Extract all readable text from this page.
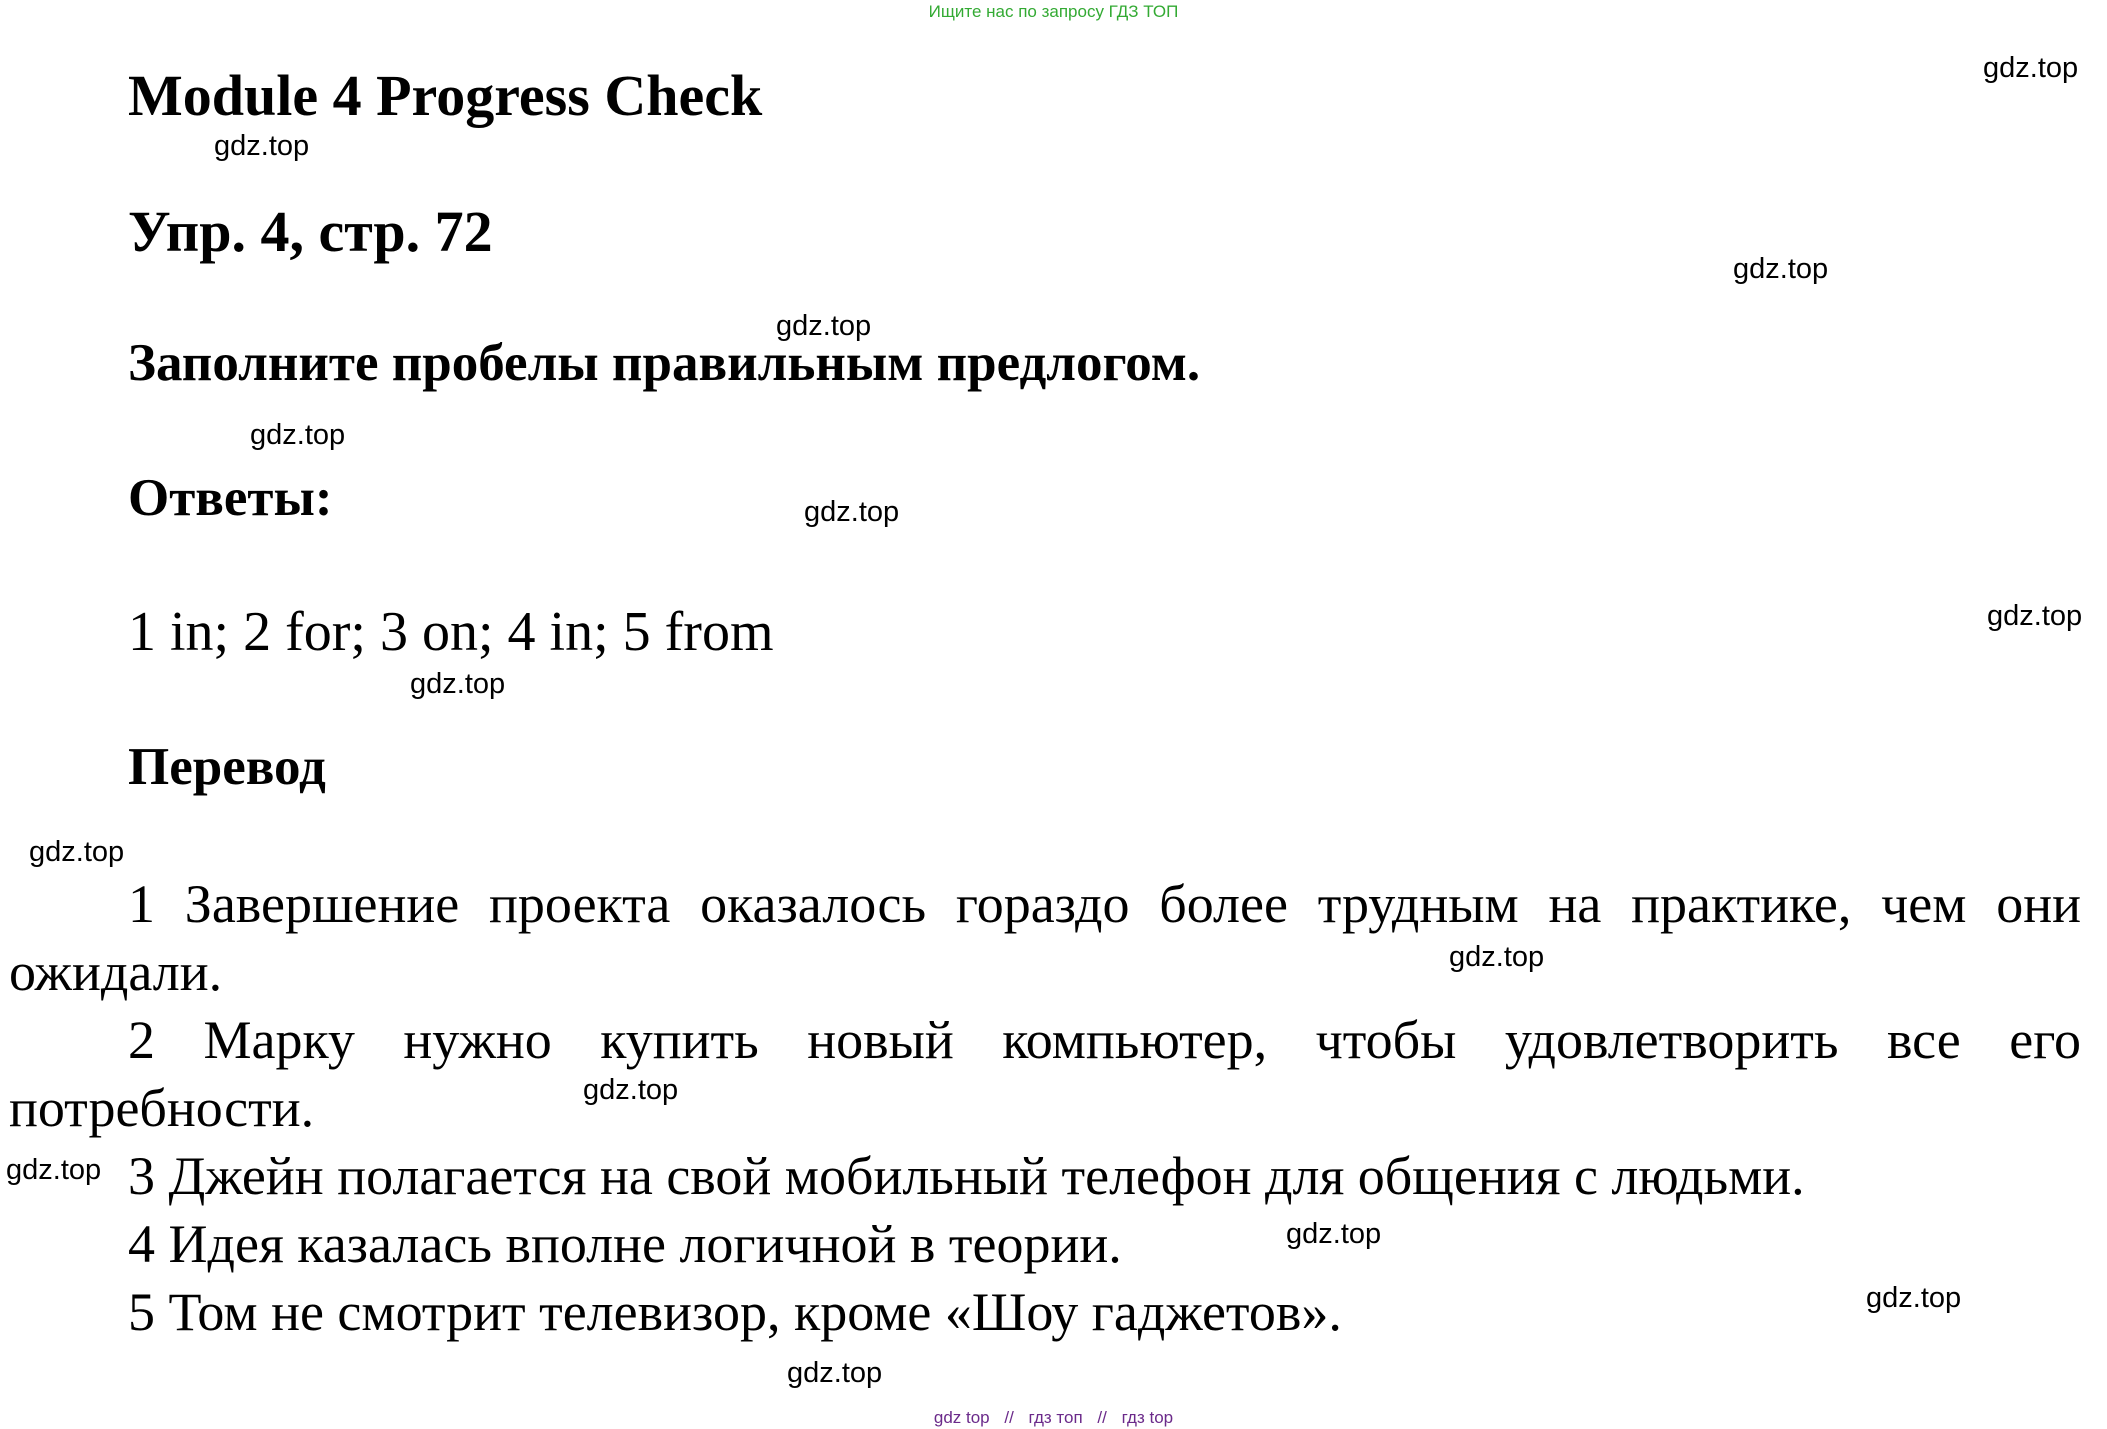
Ищите нас по запросу ГДЗ ТОП
Module 4 Progress Check
Упр. 4, стр. 72
Заполните пробелы правильным предлогом.
Ответы:
1 in; 2 for; 3 on; 4 in; 5 from
Перевод

1 Завершение проекта оказалось гораздо более трудным на практике, чем они ожидали.

2 Марку нужно купить новый компьютер, чтобы удовлетворить все его потребности.

3 Джейн полагается на свой мобильный телефон для общения с людьми.

4 Идея казалась вполне логичной в теории.

5 Том не смотрит телевизор, кроме «Шоу гаджетов».

gdz.top
gdz.top
gdz.top
gdz.top
gdz.top
gdz.top
gdz.top
gdz.top
gdz.top
gdz.top
gdz.top
gdz.top
gdz.top
gdz.top
gdz.top
gdz top // гдз топ // гдз top
